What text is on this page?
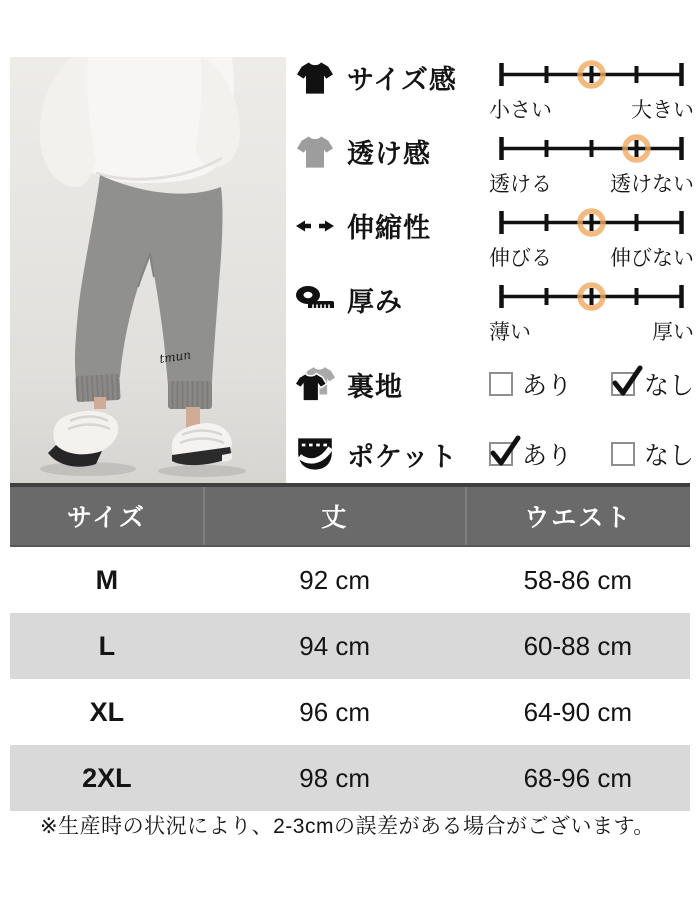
tmun
サイズ感
小さい	大きい
透け感
透ける	透けない
伸縮性
伸びる	伸びない
厚み
薄い	厚い
裏地	あり	なし
ポケット	あり	なし
サイズ	丈	ウエスト
M	92 cm	58-86 cm
L	94 cm	60-88 cm
XL	96 cm	64-90 cm
2XL	98 cm	68-96 cm
※生産時の状況により、2-3cmの誤差がある場合がございます。
